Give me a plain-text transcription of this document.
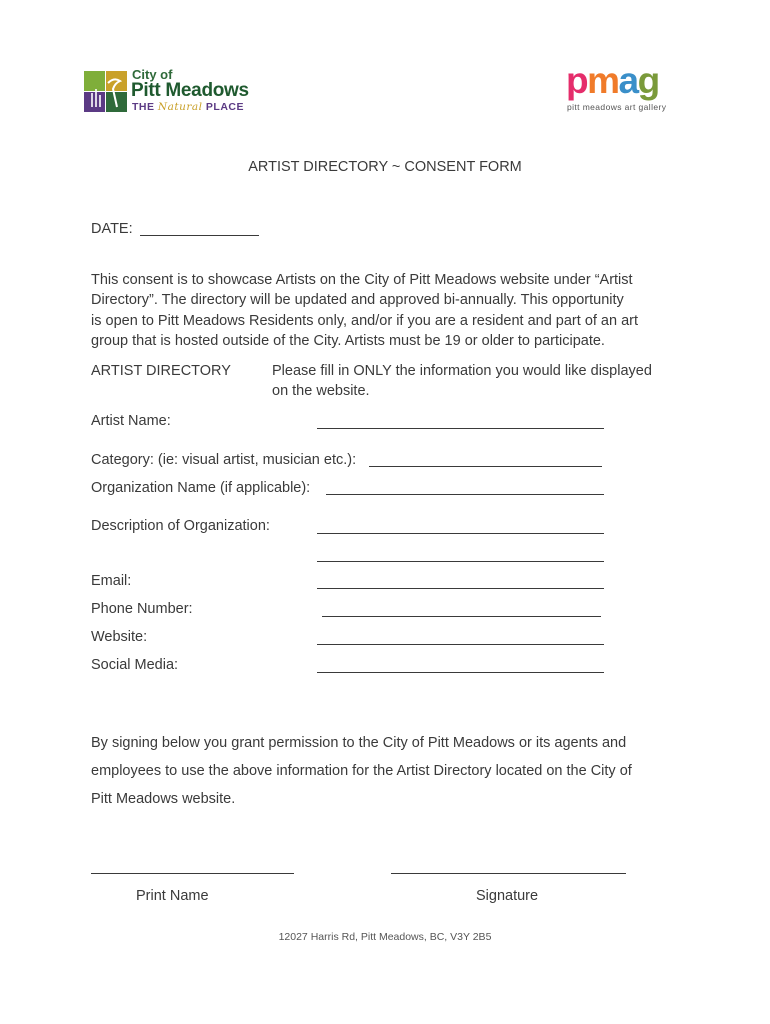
City of
Pitt Meadows
THE Natural PLACE
pmag
pitt meadows art gallery
ARTIST DIRECTORY ~ CONSENT FORM
DATE:
This consent is to showcase Artists on the City of Pitt Meadows website under “Artist
Directory”. The directory will be updated and approved bi-annually. This opportunity
is open to Pitt Meadows Residents only, and/or if you are a resident and part of an art
group that is hosted outside of the City. Artists must be 19 or older to participate.
ARTIST DIRECTORY	Please fill in ONLY the information you would like displayed
on the website.
Artist Name:
Category: (ie: visual artist, musician etc.):
Organization Name (if applicable):
Description of Organization:
Email:
Phone Number:
Website:
Social Media:
By signing below you grant permission to the City of Pitt Meadows or its agents and
employees to use the above information for the Artist Directory located on the City of
Pitt Meadows website.
Print Name	Signature
12027 Harris Rd, Pitt Meadows, BC, V3Y 2B5
